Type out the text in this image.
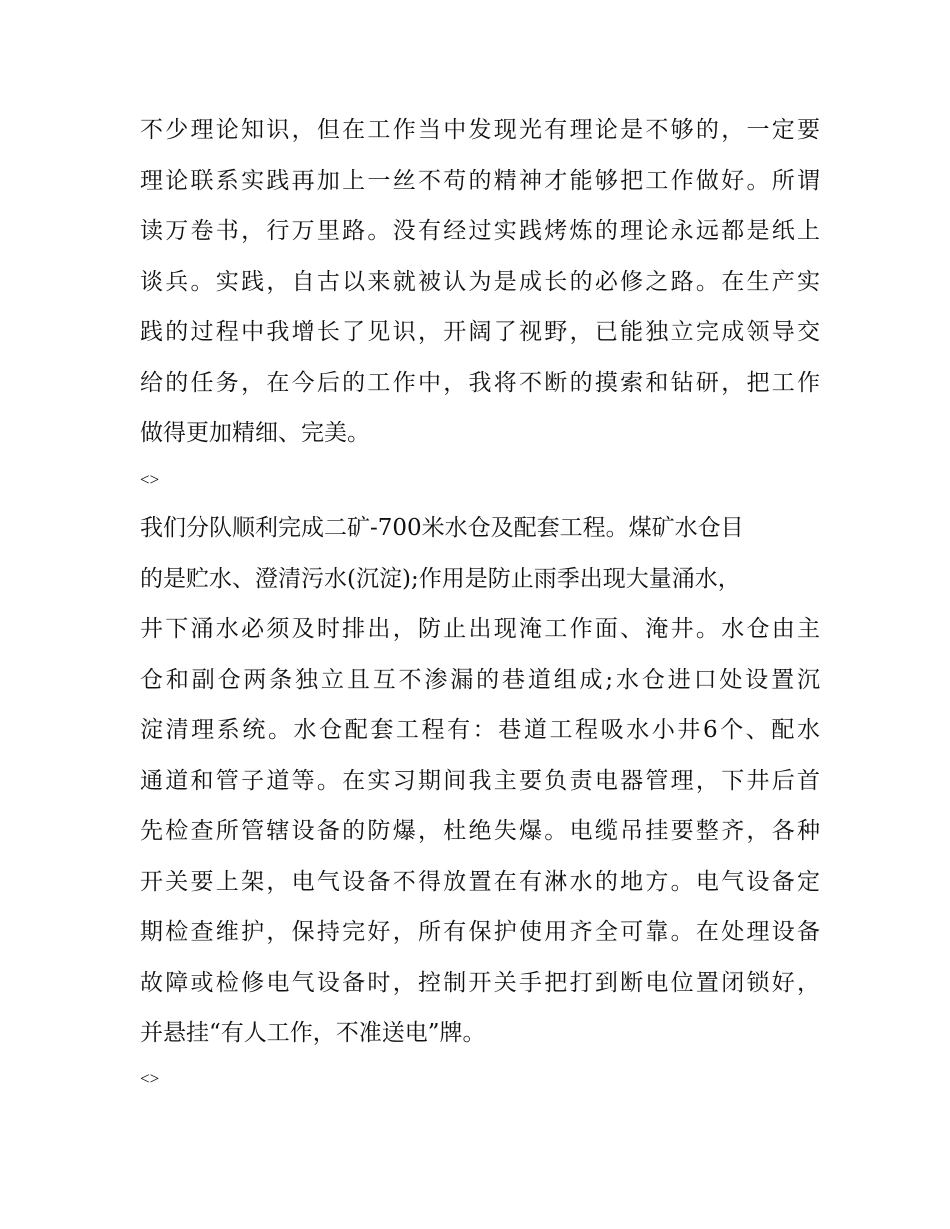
不少理论知识，但在工作当中发现光有理论是不够的，一定要
理论联系实践再加上一丝不苟的精神才能够把工作做好。所谓
读万卷书，行万里路。没有经过实践烤炼的理论永远都是纸上
谈兵。实践，自古以来就被认为是成长的必修之路。在生产实
践的过程中我增长了见识，开阔了视野，已能独立完成领导交
给的任务，在今后的工作中，我将不断的摸索和钻研，把工作
做得更加精细、完美。
<>
我们分队顺利完成二矿-700米水仓及配套工程。煤矿水仓目
的是贮水、澄清污水(沉淀);作用是防止雨季出现大量涌水，
井下涌水必须及时排出，防止出现淹工作面、淹井。水仓由主
仓和副仓两条独立且互不渗漏的巷道组成;水仓进口处设置沉
淀清理系统。水仓配套工程有：巷道工程吸水小井6个、配水
通道和管子道等。在实习期间我主要负责电器管理，下井后首
先检查所管辖设备的防爆，杜绝失爆。电缆吊挂要整齐，各种
开关要上架，电气设备不得放置在有淋水的地方。电气设备定
期检查维护，保持完好，所有保护使用齐全可靠。在处理设备
故障或检修电气设备时，控制开关手把打到断电位置闭锁好，
并悬挂“有人工作，不准送电”牌。
<>
